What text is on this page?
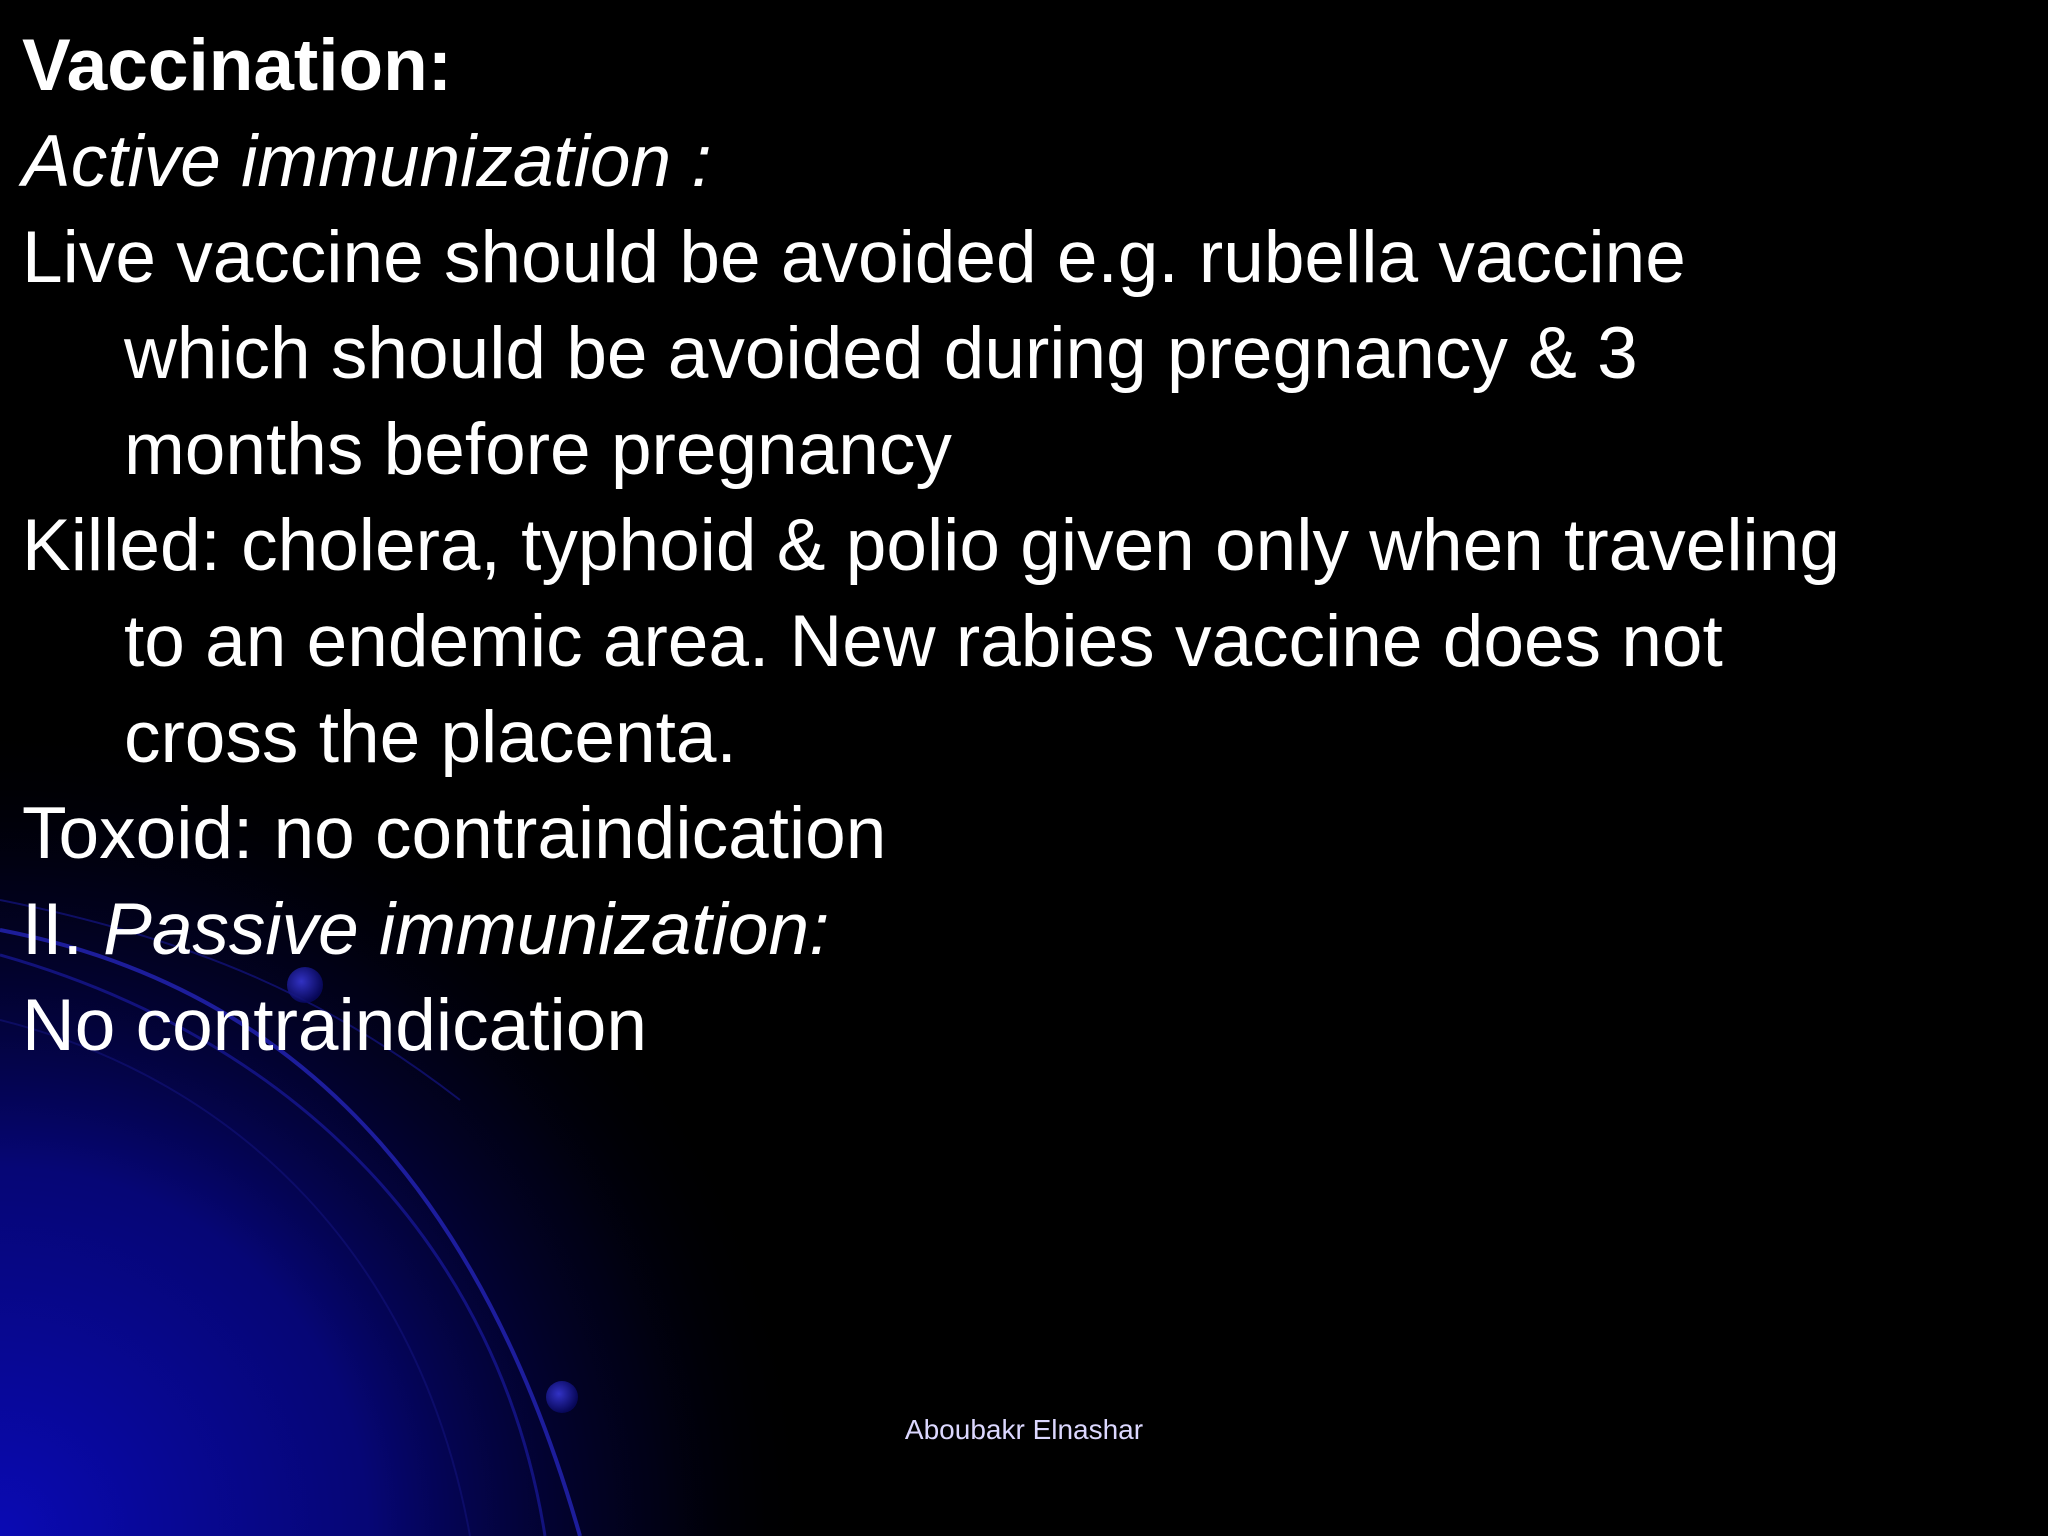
Vaccination:
Active immunization :
Live vaccine should be avoided e.g. rubella vaccine
which should be avoided during pregnancy & 3
months before pregnancy
Killed: cholera, typhoid & polio given only when traveling
to an endemic area. New rabies vaccine does not
cross the placenta.
Toxoid: no contraindication
II. Passive immunization:
No contraindication
Aboubakr Elnashar
